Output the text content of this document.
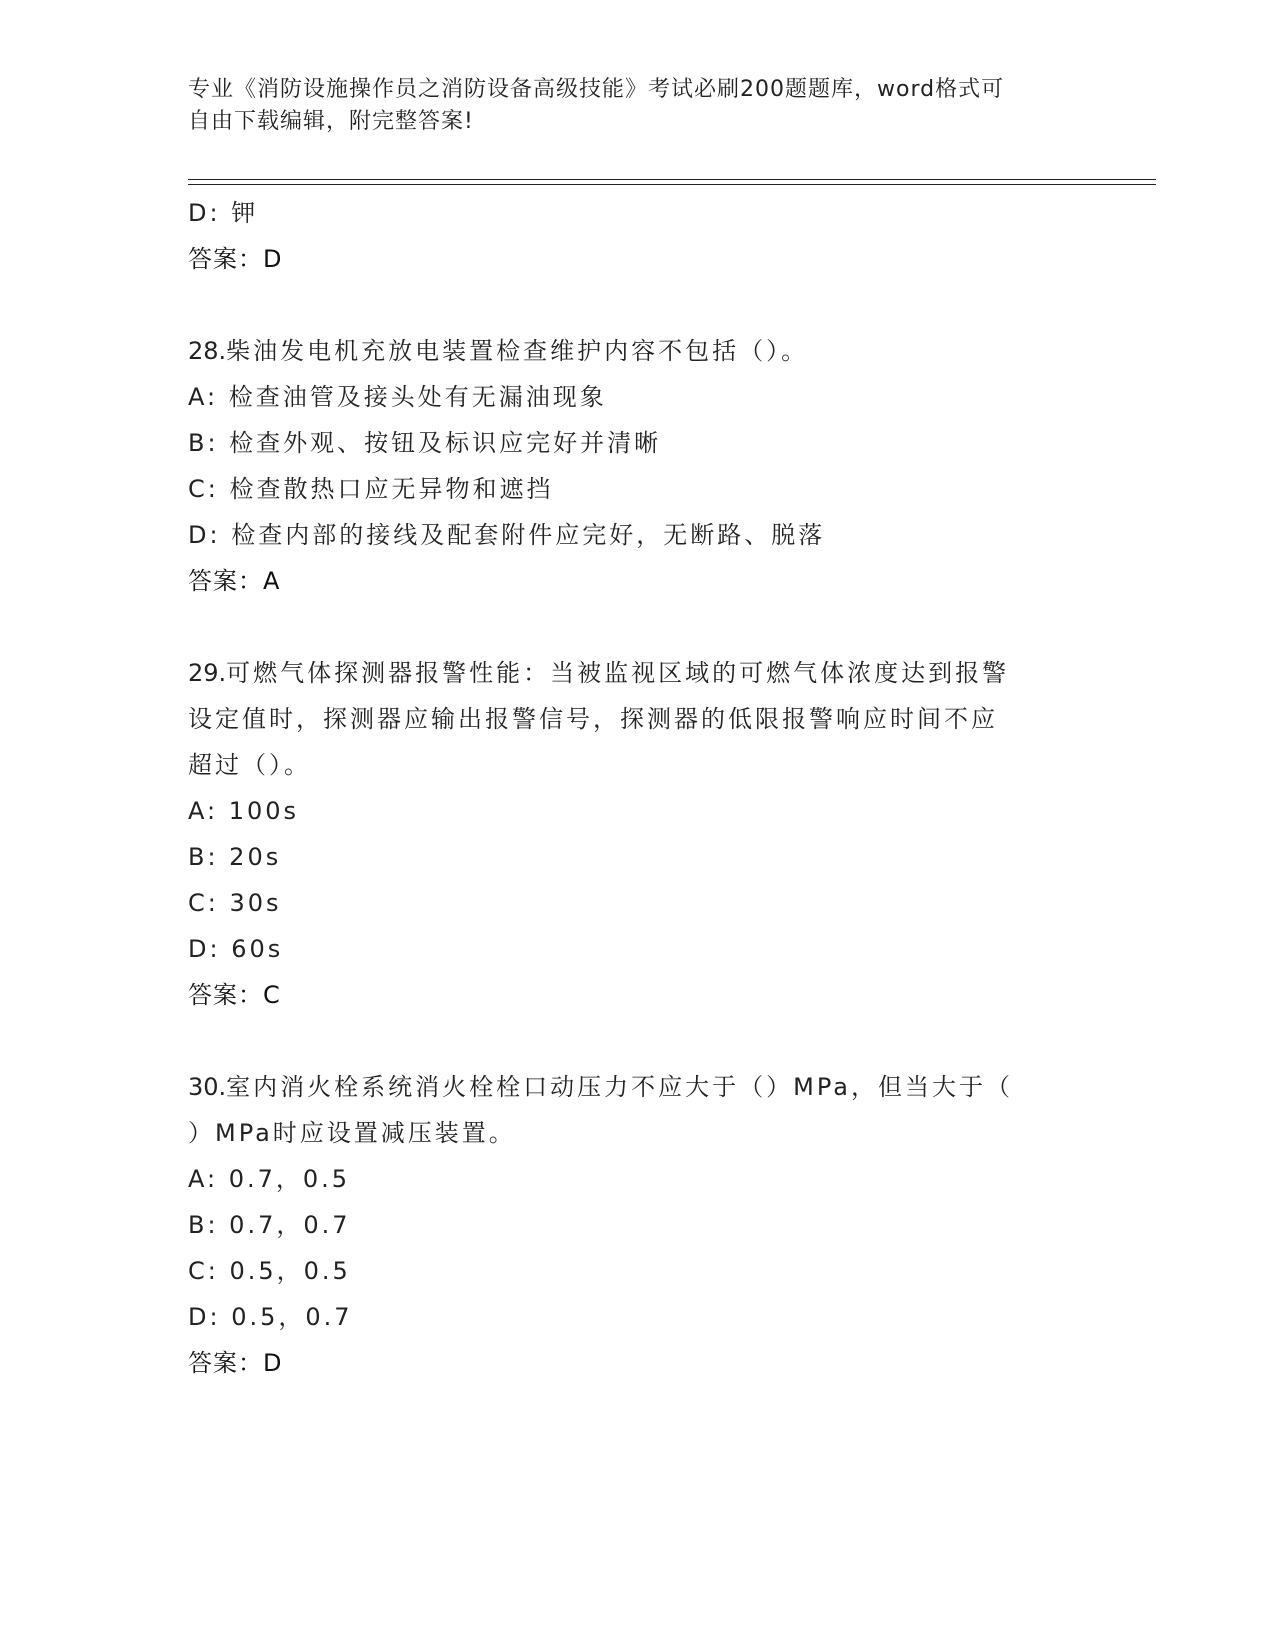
专业《消防设施操作员之消防设备高级技能》考试必刷200题题库，word格式可
自由下载编辑，附完整答案!
D: 钾
答案：D
28.柴油发电机充放电装置检查维护内容不包括（）。
A: 检查油管及接头处有无漏油现象
B: 检查外观、按钮及标识应完好并清晰
C: 检查散热口应无异物和遮挡
D: 检查内部的接线及配套附件应完好，无断路、脱落
答案：A
29.可燃气体探测器报警性能：当被监视区域的可燃气体浓度达到报警
设定值时，探测器应输出报警信号，探测器的低限报警响应时间不应
超过（）。
A: 100s
B: 20s
C: 30s
D: 60s
答案：C
30.室内消火栓系统消火栓栓口动压力不应大于（）MPa，但当大于（
）MPa时应设置减压装置。
A: 0.7，0.5
B: 0.7，0.7
C: 0.5，0.5
D: 0.5，0.7
答案：D
